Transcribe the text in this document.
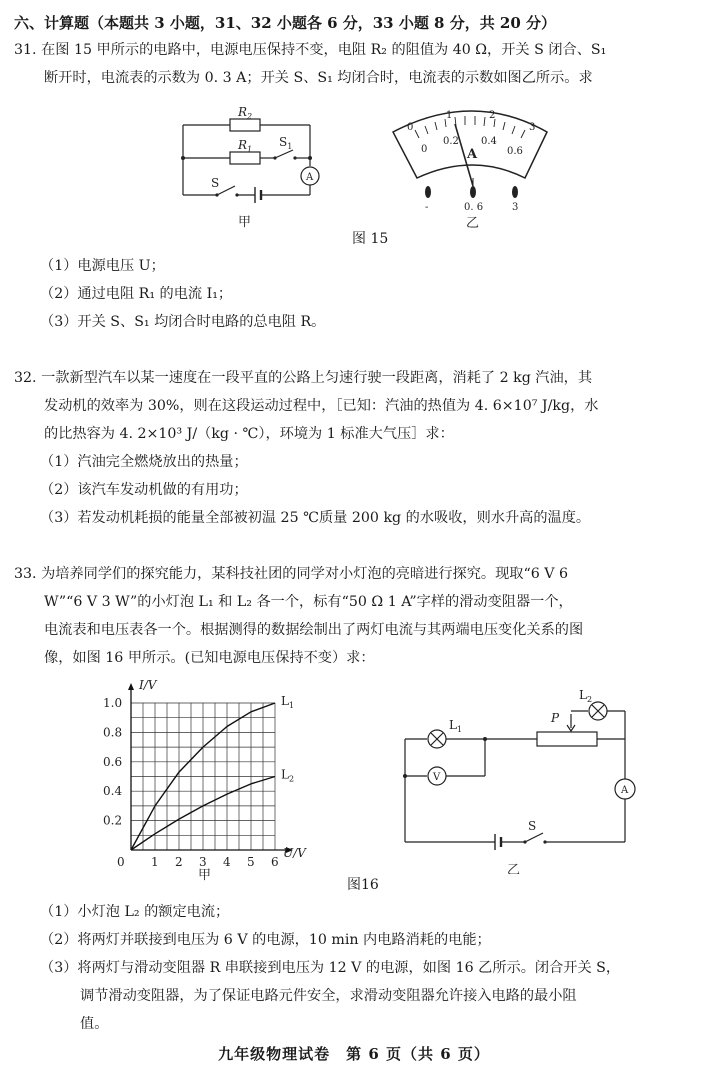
六、计算题（本题共 3 小题，31、32 小题各 6 分，33 小题 8 分，共 20 分）
31. 在图 15 甲所示的电路中，电源电压保持不变，电阻 R₂ 的阻值为 40 Ω，开关 S 闭合、S₁
断开时，电流表的示数为 0. 3 A；开关 S、S₁ 均闭合时，电流表的示数如图乙所示。求
$R_2$
$R_1$
$S_1$
S	A
甲
0
1	2
3
0
0.2 0.4
0.6
A
-	0. 6	3
乙
图 15
（1）电源电压 U；
（2）通过电阻 R₁ 的电流 I₁；
（3）开关 S、S₁ 均闭合时电路的总电阻 R。
32. 一款新型汽车以某一速度在一段平直的公路上匀速行驶一段距离，消耗了 2 kg 汽油，其
发动机的效率为 30%，则在这段运动过程中，［已知：汽油的热值为 4. 6×10⁷ J/kg，水
的比热容为 4. 2×10³ J/（kg · ℃），环境为 1 标准大气压］求：
（1）汽油完全燃烧放出的热量；
（2）该汽车发动机做的有用功；
（3）若发动机耗损的能量全部被初温 25 ℃质量 200 kg 的水吸收，则水升高的温度。
33. 为培养同学们的探究能力，某科技社团的同学对小灯泡的亮暗进行探究。现取“6 V 6
W”“6 V 3 W”的小灯泡 L₁ 和 L₂ 各一个，标有“50 Ω 1 A”字样的滑动变阻器一个，
电流表和电压表各一个。根据测得的数据绘制出了两灯电流与其两端电压变化关系的图
像，如图 16 甲所示。(已知电源电压保持不变）求：
0 1 2 3 4 5 6
0.2
0.4
0.6
0.8
1.0	$L_1$
$L_2$
I/V
U/V
甲
$L_1$
$L_2$
P
V
A
S
乙
图16
（1）小灯泡 L₂ 的额定电流；
（2）将两灯并联接到电压为 6 V 的电源，10 min 内电路消耗的电能；
（3）将两灯与滑动变阻器 R 串联接到电压为 12 V 的电源，如图 16 乙所示。闭合开关 S，
调节滑动变阻器，为了保证电路元件安全，求滑动变阻器允许接入电路的最小阻
值。
九年级物理试卷　第 6 页（共 6 页）
